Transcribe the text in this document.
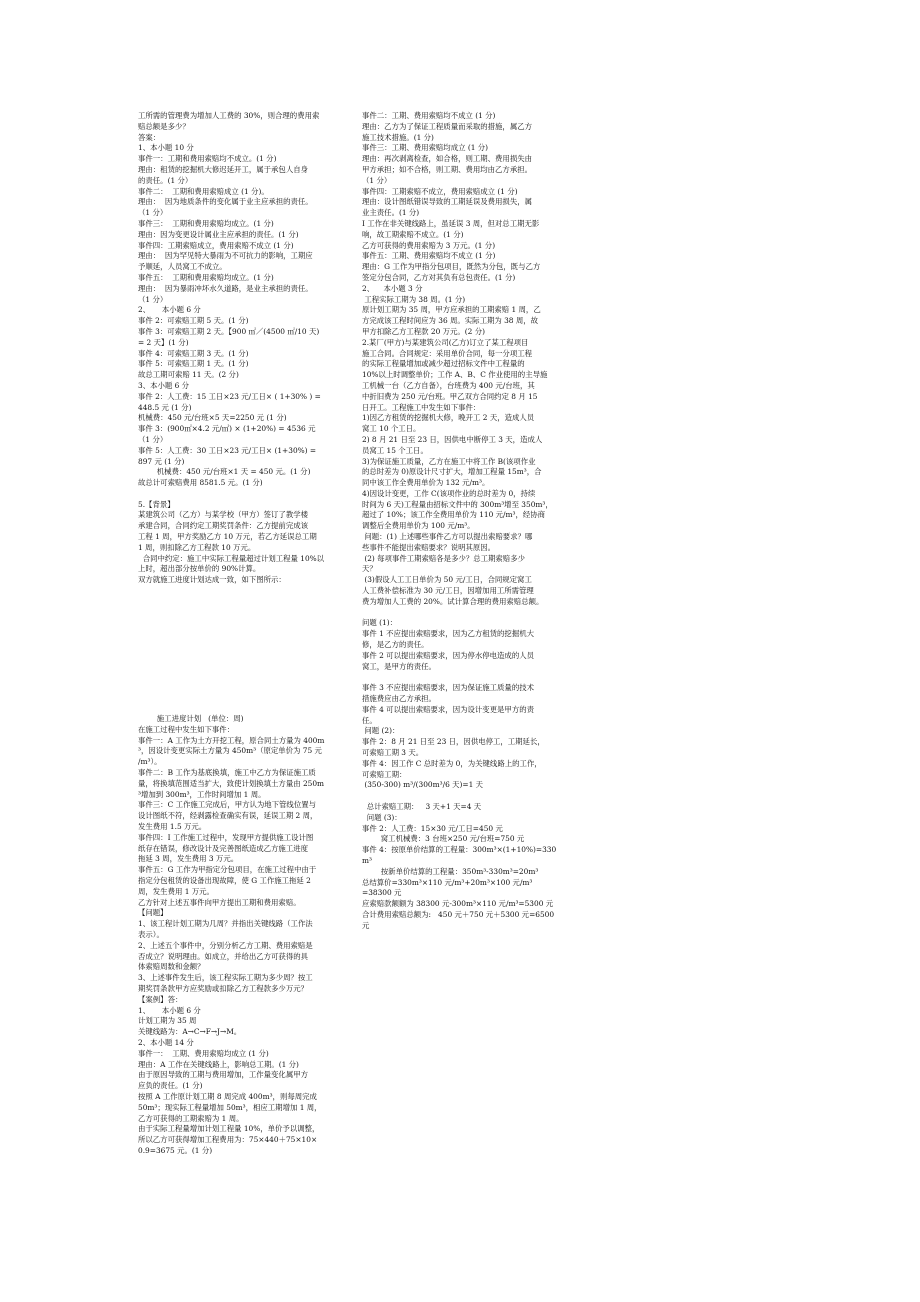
工所需的管理费为增加人工费的 30%，则合理的费用索
赔总额是多少？
答案：
1、本小题 10 分
事件一：工期和费用索赔均不成立。(1 分)
理由：租赁的挖掘机大修迟延开工，属于承包人自身
的责任。(1 分）
事件二：  工期和费用索赔成立 (1 分)。
理由：  因为地质条件的变化属于业主应承担的责任。
（1 分）
事件三：  工期和费用索赔均成立。(1 分)
理由：因为变更设计属业主应承担的责任。(1 分)
事件四：工期索赔成立，费用索赔不成立 (1 分)
理由：  因为罕见特大暴雨为不可抗力的影响，工期应
予顺延，人员窝工不成立。
事件五：  工期和费用索赔均成立。(1 分)
理由：  因为暴雨冲坏水久道路，是业主承担的责任。
（1 分）
2、     本小题 6 分
事件 2：可索赔工期 5 天。(1 分)
事件 3：可索赔工期 2 天。【900 ㎡／(4500 ㎡/10 天)
= 2 天】(1 分)
事件 4：可索赔工期 3 天。(1 分)
事件 5：可索赔工期 1 天。(1 分)
故总工期可索赔 11 天。(2 分)
3、本小题 6 分
事件 2：人工费：15 工日×23 元/工日× ( 1+30% ) =
448.5 元 (1 分)
机械费：450 元/台班×5 天=2250 元 (1 分)
事件 3：(900㎡×4.2 元/㎡) × (1+20%) = 4536 元
（1 分）
事件 5：人工费：30 工日×23 元/工日× (1+30%) =
897 元 (1 分)
机械费：450 元/台班×1 天 = 450 元。(1 分)
故总计可索赔费用 8581.5 元。(1 分)
5.【背景】
某建筑公司（乙方）与某学校（甲方）签订了教学楼
承建合同，合同约定工期奖罚条件：乙方提前完成该
工程 1 周，甲方奖励乙方 10 万元，若乙方延误总工期
1 周，则扣除乙方工程款 10 万元。
合同中约定：施工中实际工程量超过计划工程量 10%以
上时，超出部分按单价的 90%计算。
双方就施工进度计划达成一致，如下图所示：
施工进度计划   (单位：周)
在施工过程中发生如下事件：
事件一：A 工作为土方开挖工程，原合同土方量为 400m
³，因设计变更实际土方量为 450m³（原定单价为 75 元
/m³）。
事件二：B 工作为基底换填，施工中乙方为保证施工质
量，将换填范围适当扩大，致使计划换填土方量由 250m
³增加到 300m³，工作时间增加 1 周。
事件三：C 工作施工完成后，甲方认为地下管线位置与
设计图纸不符，经剥露检查确实有误，延误工期 2 周，
发生费用 1.5 万元。
事件四：I 工作施工过程中，发现甲方提供施工设计图
纸存在错误，修改设计及完善图纸造成乙方施工进度
拖延 3 周，发生费用 3 万元。
事件五：G 工作为甲指定分包项目，在施工过程中由于
指定分包租赁的设备出现故障，使 G 工作施工拖延 2
周，发生费用 1 万元。
乙方针对上述五事件向甲方提出工期和费用索赔。
【问题】
1、该工程计划工期为几周？并指出关键线路（工作法
表示）。
2、上述五个事件中，分别分析乙方工期、费用索赔是
否成立？说明理由。如成立，并给出乙方可获得的具
体索赔周数和金额？
3、上述事件发生后，该工程实际工期为多少周？按工
期奖罚条款甲方应奖励或扣除乙方工程款多少万元？
【案例】答：
1、     本小题 6 分
计划工期为 35 周
关键线路为：A→C→F→J→M。
2、本小题 14 分
事件一：  工期、费用索赔均成立 (1 分)
理由：A 工作在关键线路上，影响总工期。(1 分)
由于原因导致的工期与费用增加，工作量变化属甲方
应负的责任。(1 分)
按照 A 工作原计划工期 8 周完成 400m³，则每周完成
50m³；现实际工程量增加 50m³，相应工期增加 1 周，
乙方可获得的工期索赔为 1 周。
由于实际工程量增加计划工程量 10%，单价予以调整，
所以乙方可获得增加工程费用为：75×440＋75×10×
0.9=3675 元。(1 分)
事件二：工期、费用索赔均不成立 (1 分)
理由：乙方为了保证工程质量而采取的措施，属乙方
施工技术措施。(1 分)
事件三：工期、费用索赔均成立 (1 分)
理由：再次剥离检查，如合格，则工期、费用损失由
甲方承担；如不合格，则工期、费用均由乙方承担。
（1 分）
事件四：工期索赔不成立，费用索赔成立 (1 分)
理由：设计图纸错误导致的工期延误及费用损失，属
业主责任。(1 分)
I 工作在非关键线路上，虽延误 3 周，但对总工期无影
响，故工期索赔不成立。(1 分)
乙方可获得的费用索赔为 3 万元。(1 分)
事件五：工期、费用索赔均不成立 (1 分)
理由：G 工作为甲指分包项目，既然为分包，既与乙方
签定分包合同，乙方对其负有总包责任。(1 分)
2、    本小题 3 分
工程实际工期为 38 周。(1 分)
原计划工期为 35 周，甲方应承担的工期索赔 1 周，乙
方完成该工程时间应为 36 周。实际工期为 38 周，故
甲方扣除乙方工程款 20 万元。(2 分)
2.某厂(甲方)与某建筑公司(乙方)订立了某工程项目
施工合同。合同规定：采用单价合同，每一分项工程
的实际工程量增加或减少超过招标文件中工程量的
10%以上时调整单价；工作 A、B、C 作业使用的主导施
工机械一台（乙方自备），台班费为 400 元/台班，其
中折旧费为 250 元/台班。甲乙双方合同约定 8 月 15
日开工。工程施工中发生如下事件：
1)因乙方租赁的挖掘机大修，晚开工 2 天，造成人员
窝工 10 个工日。
2) 8 月 21 日至 23 日，因供电中断停工 3 天，造成人
员窝工 15 个工日。
3)为保证施工质量，乙方在施工中将工作 B(该项作业
的总时差为 0)原设计尺寸扩大，增加工程量 15m³，合
同中该工作全费用单价为 132 元/m³。
4)因设计变更，工作 C(该项作业的总时差为 0，持续
时间为 6 天)工程量由招标文件中的 300m³增至 350m³，
超过了 10%；该工作全费用单价为 110 元/m³，经协商
调整后全费用单价为 100 元/m³。
问题：(1) 上述哪些事件乙方可以提出索赔要求？哪
些事件不能提出索赔要求？说明其原因。
(2) 每项事件工期索赔各是多少？总工期索赔多少
天？
(3)假设人工工日单价为 50 元/工日，合同规定窝工
人工费补偿标准为 30 元/工日，因增加用工所需管理
费为增加人工费的 20%。试计算合理的费用索赔总额。
问题 (1)：
事件 1 不应提出索赔要求，因为乙方租赁的挖掘机大
修，是乙方的责任。
事件 2 可以提出索赔要求，因为停水停电造成的人员
窝工，是甲方的责任。
事件 3 不应提出索赔要求，因为保证施工质量的技术
措施费应由乙方承担。
事件 4 可以提出索赔要求，因为设计变更是甲方的责
任。
问题 (2)：
事件 2：8 月 21 日至 23 日，因供电停工，工期延长，
可索赔工期 3 天。
事件 4：因工作 C 总时差为 0，为关键线路上的工作，
可索赔工期：
(350-300) m³/(300m³/6 天)=1 天
总计索赔工期：   3 天+1 天=4 天
问题 (3)：
事件 2：人工费：15×30 元/工日=450 元
窝工机械费：3 台班×250 元/台班=750 元
事件 4：按原单价结算的工程量：300m³×(1+10%)=330
m³
按新单价结算的工程量：350m³-330m³=20m³
总结算价=330m³×110 元/m³+20m³×100 元/m³
=38300 元
应索赔款额额为 38300 元-300m³×110 元/m³=5300 元
合计费用索赔总额为:   450 元＋750 元＋5300 元=6500
元
